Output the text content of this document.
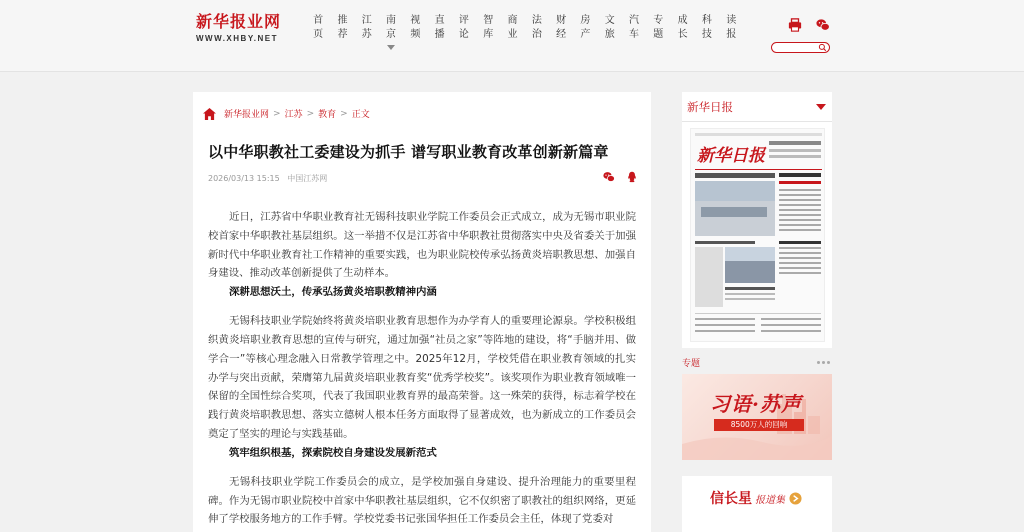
新华报业网
WWW.XHBY.NET
首页
推荐
江苏
南京
视频
直播
评论
智库
商业
法治
财经
房产
文旅
汽车
专题
成长
科技
读报
新华报业网 > 江苏 > 教育 > 正文
以中华职教社工委建设为抓手 谱写职业教育改革创新新篇章
2026/03/13 15:15 中国江苏网

近日，江苏省中华职业教育社无锡科技职业学院工作委员会正式成立，成为无锡市职业院校首家中华职教社基层组织。这一举措不仅是江苏省中华职教社贯彻落实中央及省委关于加强新时代中华职业教育社工作精神的重要实践，也为职业院校传承弘扬黄炎培职教思想、加强自身建设、推动改革创新提供了生动样本。

深耕思想沃土，传承弘扬黄炎培职教精神内涵

无锡科技职业学院始终将黄炎培职业教育思想作为办学育人的重要理论源泉。学校积极组织黄炎培职业教育思想的宣传与研究，通过加强“社员之家”等阵地的建设，将“手脑并用、做学合一”等核心理念融入日常教学管理之中。2025年12月，学校凭借在职业教育领域的扎实办学与突出贡献，荣膺第九届黄炎培职业教育奖“优秀学校奖”。该奖项作为职业教育领域唯一保留的全国性综合奖项，代表了我国职业教育界的最高荣誉。这一殊荣的获得，标志着学校在践行黄炎培职教思想、落实立德树人根本任务方面取得了显著成效，也为新成立的工作委员会奠定了坚实的理论与实践基础。

筑牢组织根基，探索院校自身建设发展新范式

无锡科技职业学院工作委员会的成立，是学校加强自身建设、提升治理能力的重要里程碑。作为无锡市职业院校中首家中华职教社基层组织，它不仅织密了职教社的组织网络，更延伸了学校服务地方的工作手臂。学校党委书记张国华担任工作委员会主任，体现了党委对

新华日报
新华日报
专题
习语·苏声
8500万人的回响
信长星 报道集
